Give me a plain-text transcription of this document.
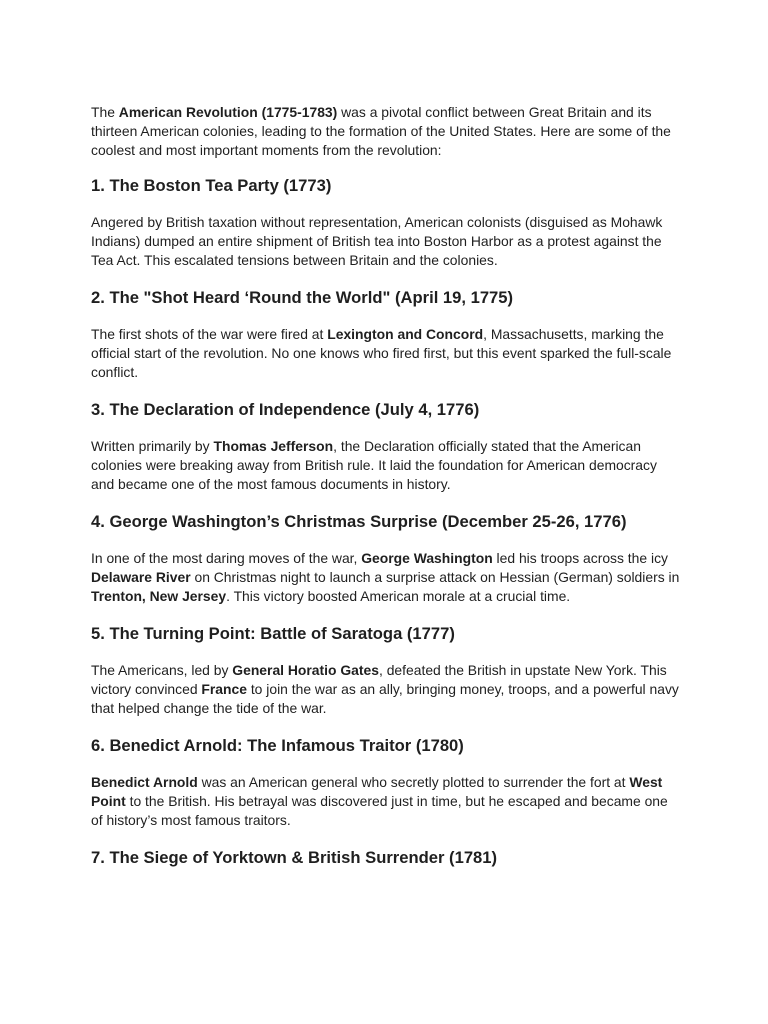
The American Revolution (1775-1783) was a pivotal conflict between Great Britain and its thirteen American colonies, leading to the formation of the United States. Here are some of the coolest and most important moments from the revolution:

1. The Boston Tea Party (1773)

Angered by British taxation without representation, American colonists (disguised as Mohawk Indians) dumped an entire shipment of British tea into Boston Harbor as a protest against the Tea Act. This escalated tensions between Britain and the colonies.

2. The "Shot Heard ‘Round the World" (April 19, 1775)

The first shots of the war were fired at Lexington and Concord, Massachusetts, marking the official start of the revolution. No one knows who fired first, but this event sparked the full-scale conflict.

3. The Declaration of Independence (July 4, 1776)

Written primarily by Thomas Jefferson, the Declaration officially stated that the American colonies were breaking away from British rule. It laid the foundation for American democracy and became one of the most famous documents in history.

4. George Washington’s Christmas Surprise (December 25-26, 1776)

In one of the most daring moves of the war, George Washington led his troops across the icy Delaware River on Christmas night to launch a surprise attack on Hessian (German) soldiers in Trenton, New Jersey. This victory boosted American morale at a crucial time.

5. The Turning Point: Battle of Saratoga (1777)

The Americans, led by General Horatio Gates, defeated the British in upstate New York. This victory convinced France to join the war as an ally, bringing money, troops, and a powerful navy that helped change the tide of the war.

6. Benedict Arnold: The Infamous Traitor (1780)

Benedict Arnold was an American general who secretly plotted to surrender the fort at West Point to the British. His betrayal was discovered just in time, but he escaped and became one of history’s most famous traitors.

7. The Siege of Yorktown & British Surrender (1781)
